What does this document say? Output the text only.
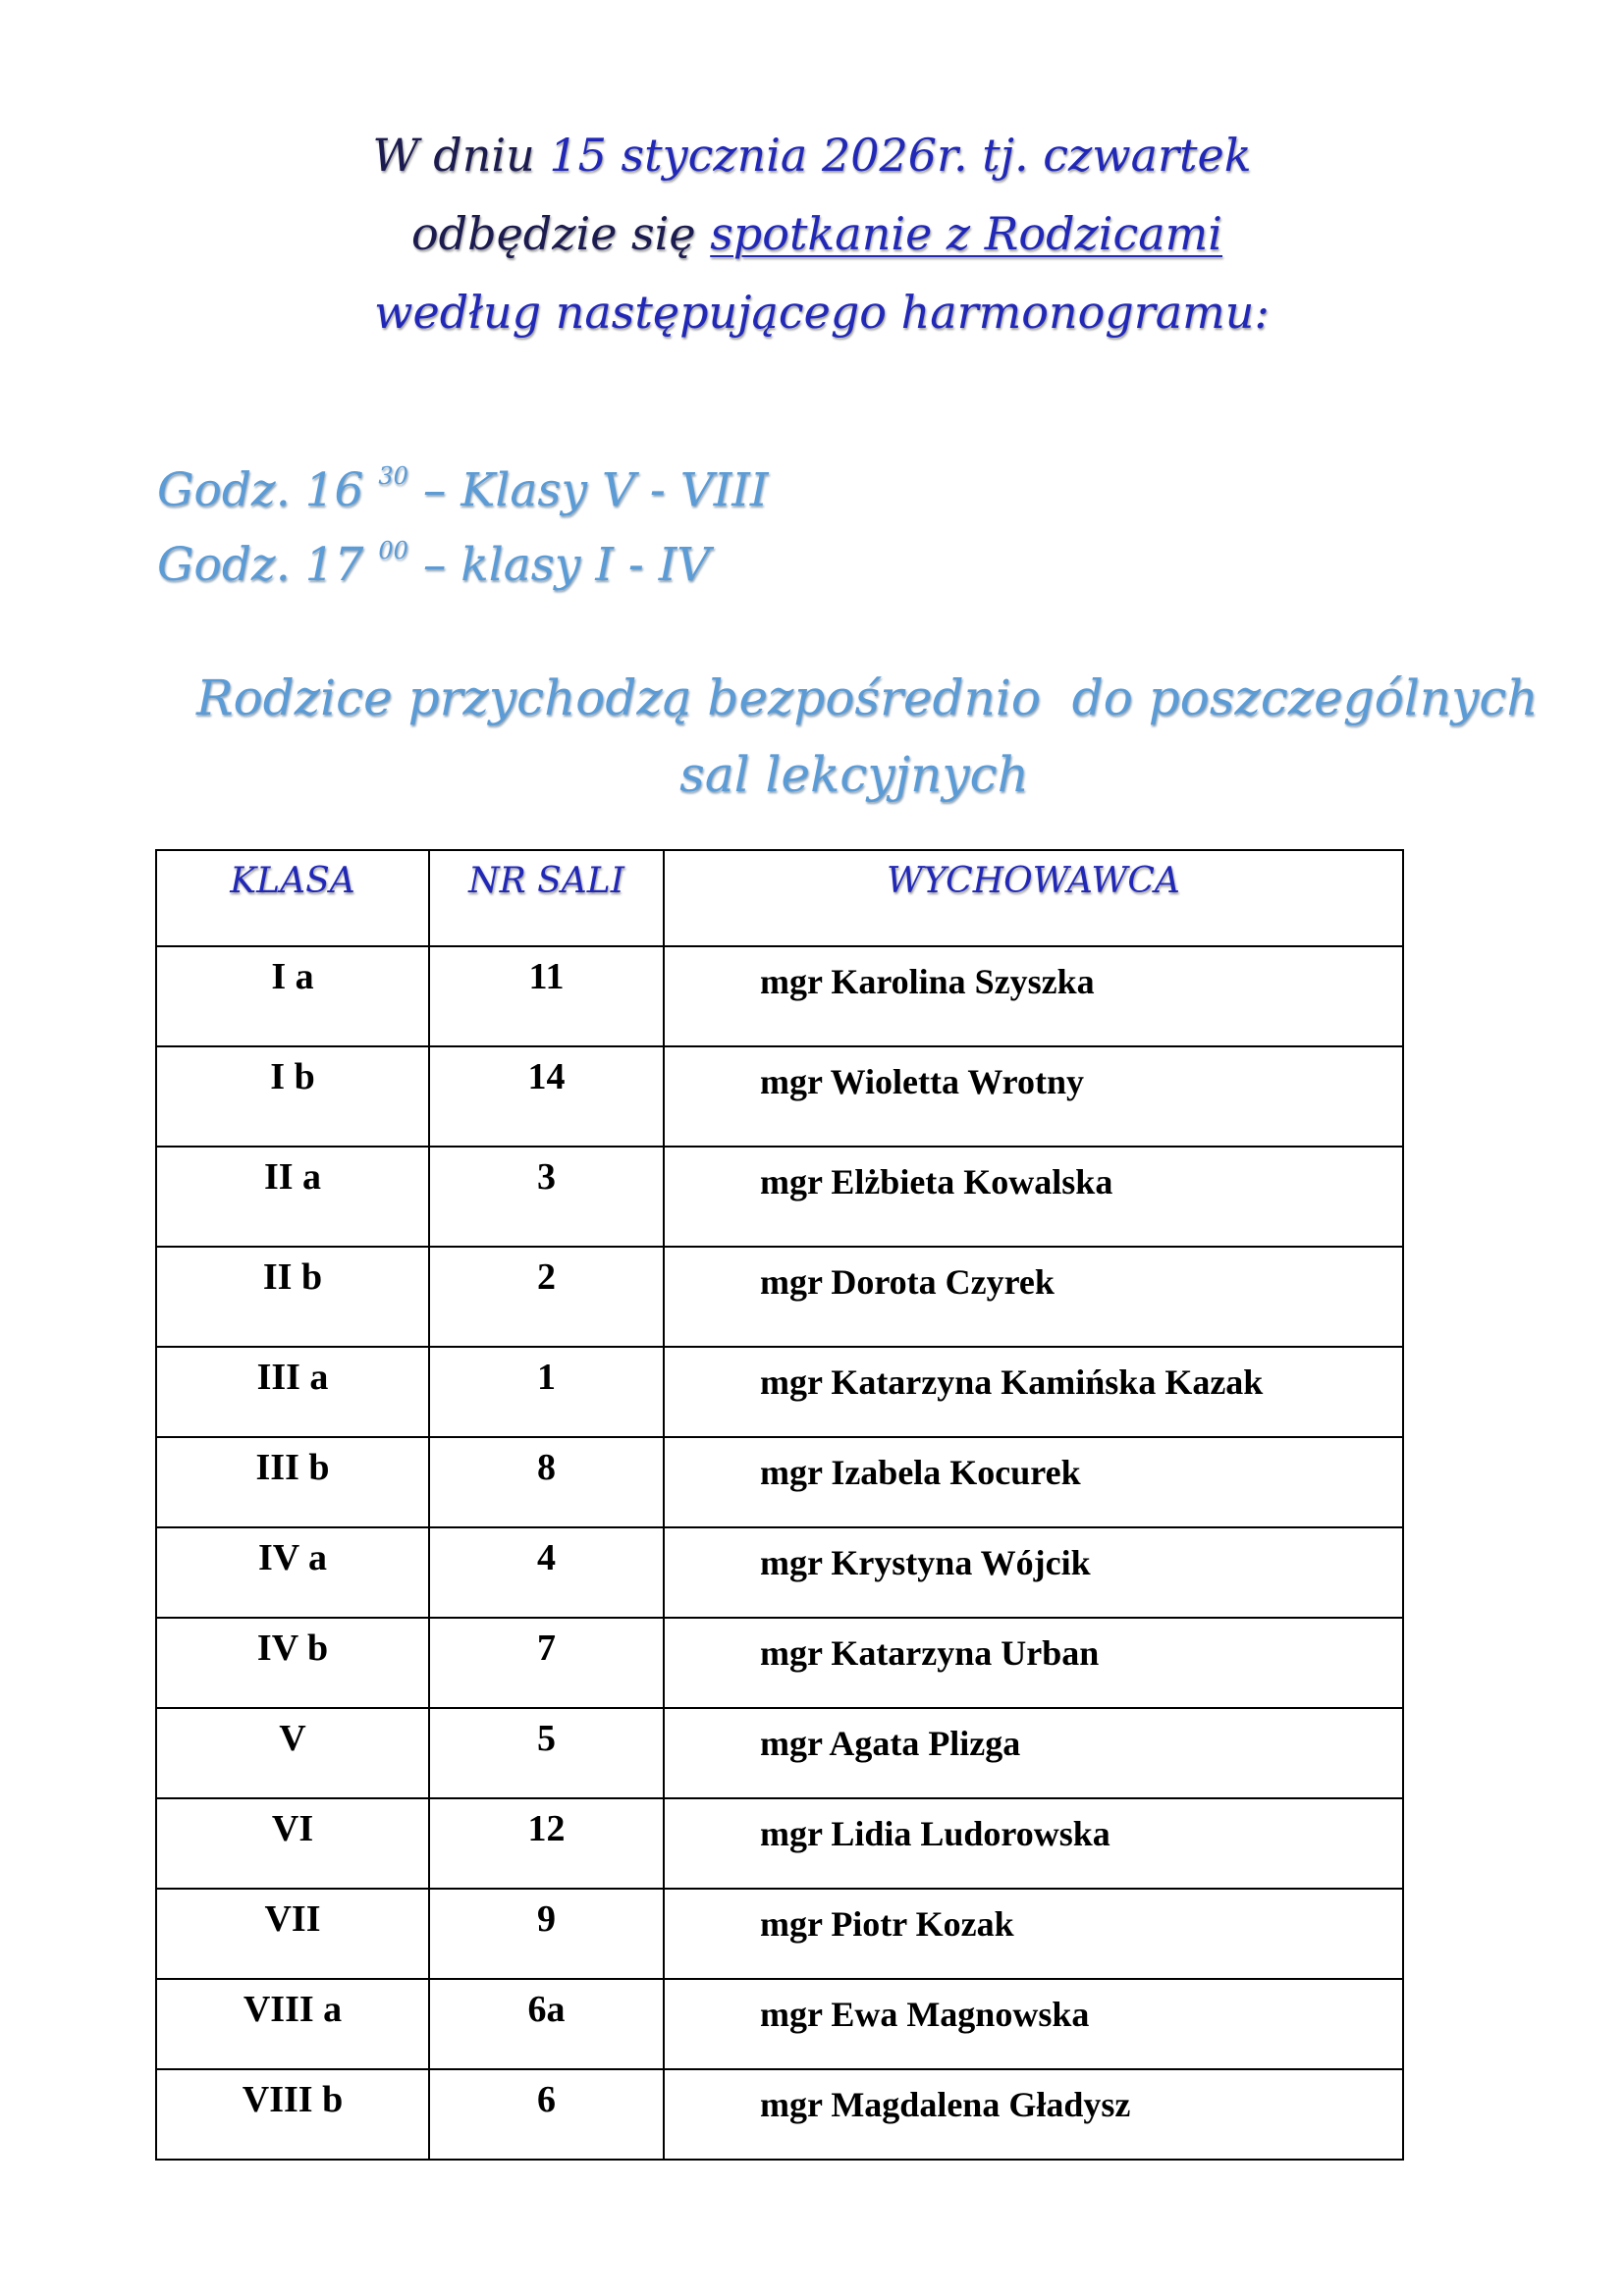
W dniu 15 stycznia 2026r. tj. czwartek
odbędzie się spotkanie z Rodzicami
według następującego harmonogramu:
Godz. 16 $^{30}$ – Klasy V - VIII
Godz. 17 $^{00}$ – klasy I - IV
Rodzice przychodzą bezpośrednio  do poszczególnych
sal lekcyjnych
KLASA	NR SALI	WYCHOWAWCA
I a	11	mgr Karolina Szyszka
I b	14	mgr Wioletta Wrotny
II a	3	mgr Elżbieta Kowalska
II b	2	mgr Dorota Czyrek
III a	1	mgr Katarzyna Kamińska Kazak
III b	8	mgr Izabela Kocurek
IV a	4	mgr Krystyna Wójcik
IV b	7	mgr Katarzyna Urban
V	5	mgr Agata Plizga
VI	12	mgr Lidia Ludorowska
VII	9	mgr Piotr Kozak
VIII a	6a	mgr Ewa Magnowska
VIII b	6	mgr Magdalena Gładysz
